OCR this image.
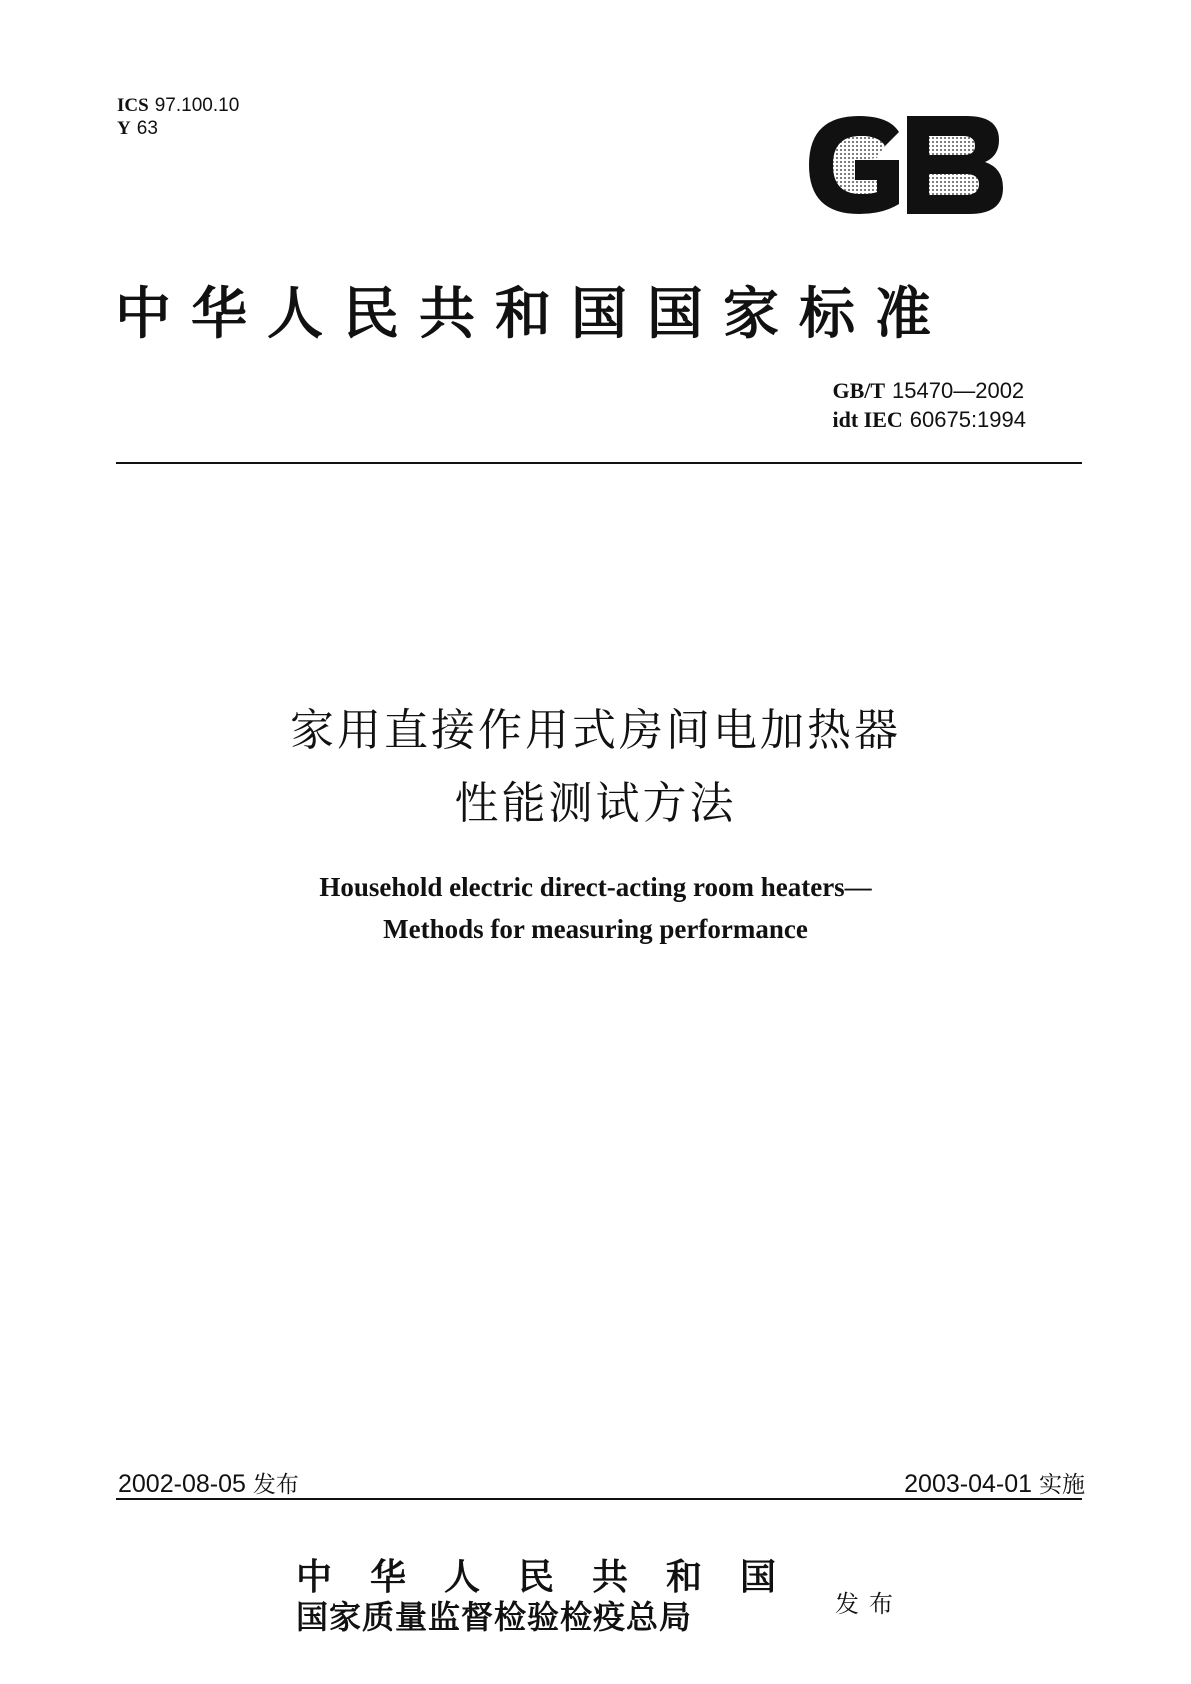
ICS 97.100.10
Y 63
中华人民共和国国家标准
GB/T 15470—2002
idt IEC 60675:1994
家用直接作用式房间电加热器
性能测试方法
Household electric direct-acting room heaters—
Methods for measuring performance
2002-08-05 发布	2003-04-01 实施
中华人民共和国
国家质量监督检验检疫总局	发布
